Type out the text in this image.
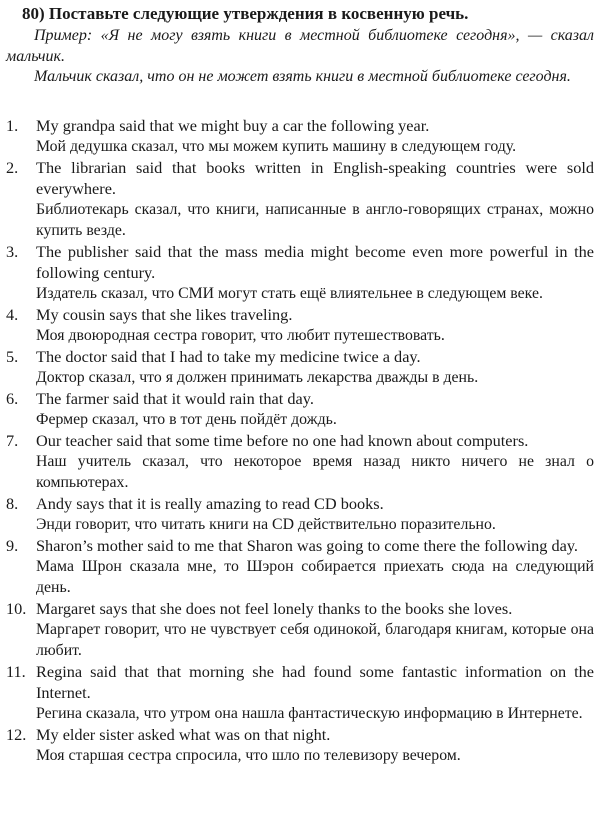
80) Поставьте следующие утверждения в косвенную речь.

Пример: «Я не могу взять книги в местной библиотеке сегодня», — сказал мальчик.

Мальчик сказал, что он не может взять книги в местной библиотеке сегодня.

1. My grandpa said that we might buy a car the following year.
Мой дедушка сказал, что мы можем купить машину в следующем году.
2. The librarian said that books written in English-speaking countries were sold everywhere.
Библиотекарь сказал, что книги, написанные в англо-говорящих странах, можно купить везде.
3. The publisher said that the mass media might become even more powerful in the following century.
Издатель сказал, что СМИ могут стать ещё влиятельнее в следующем веке.
4. My cousin says that she likes traveling.
Моя двоюродная сестра говорит, что любит путешествовать.
5. The doctor said that I had to take my medicine twice a day.
Доктор сказал, что я должен принимать лекарства дважды в день.
6. The farmer said that it would rain that day.
Фермер сказал, что в тот день пойдёт дождь.
7. Our teacher said that some time before no one had known about computers.
Наш учитель сказал, что некоторое время назад никто ничего не знал о компьютерах.
8. Andy says that it is really amazing to read CD books.
Энди говорит, что читать книги на CD действительно поразительно.
9. Sharon’s mother said to me that Sharon was going to come there the following day.
Мама Шрон сказала мне, то Шэрон собирается приехать сюда на следующий день.
10. Margaret says that she does not feel lonely thanks to the books she loves.
Маргарет говорит, что не чувствует себя одинокой, благодаря книгам, которые она любит.
11. Regina said that that morning she had found some fantastic information on the Internet.
Регина сказала, что утром она нашла фантастическую информацию в Интернете.
12. My elder sister asked what was on that night.
Моя старшая сестра спросила, что шло по телевизору вечером.
